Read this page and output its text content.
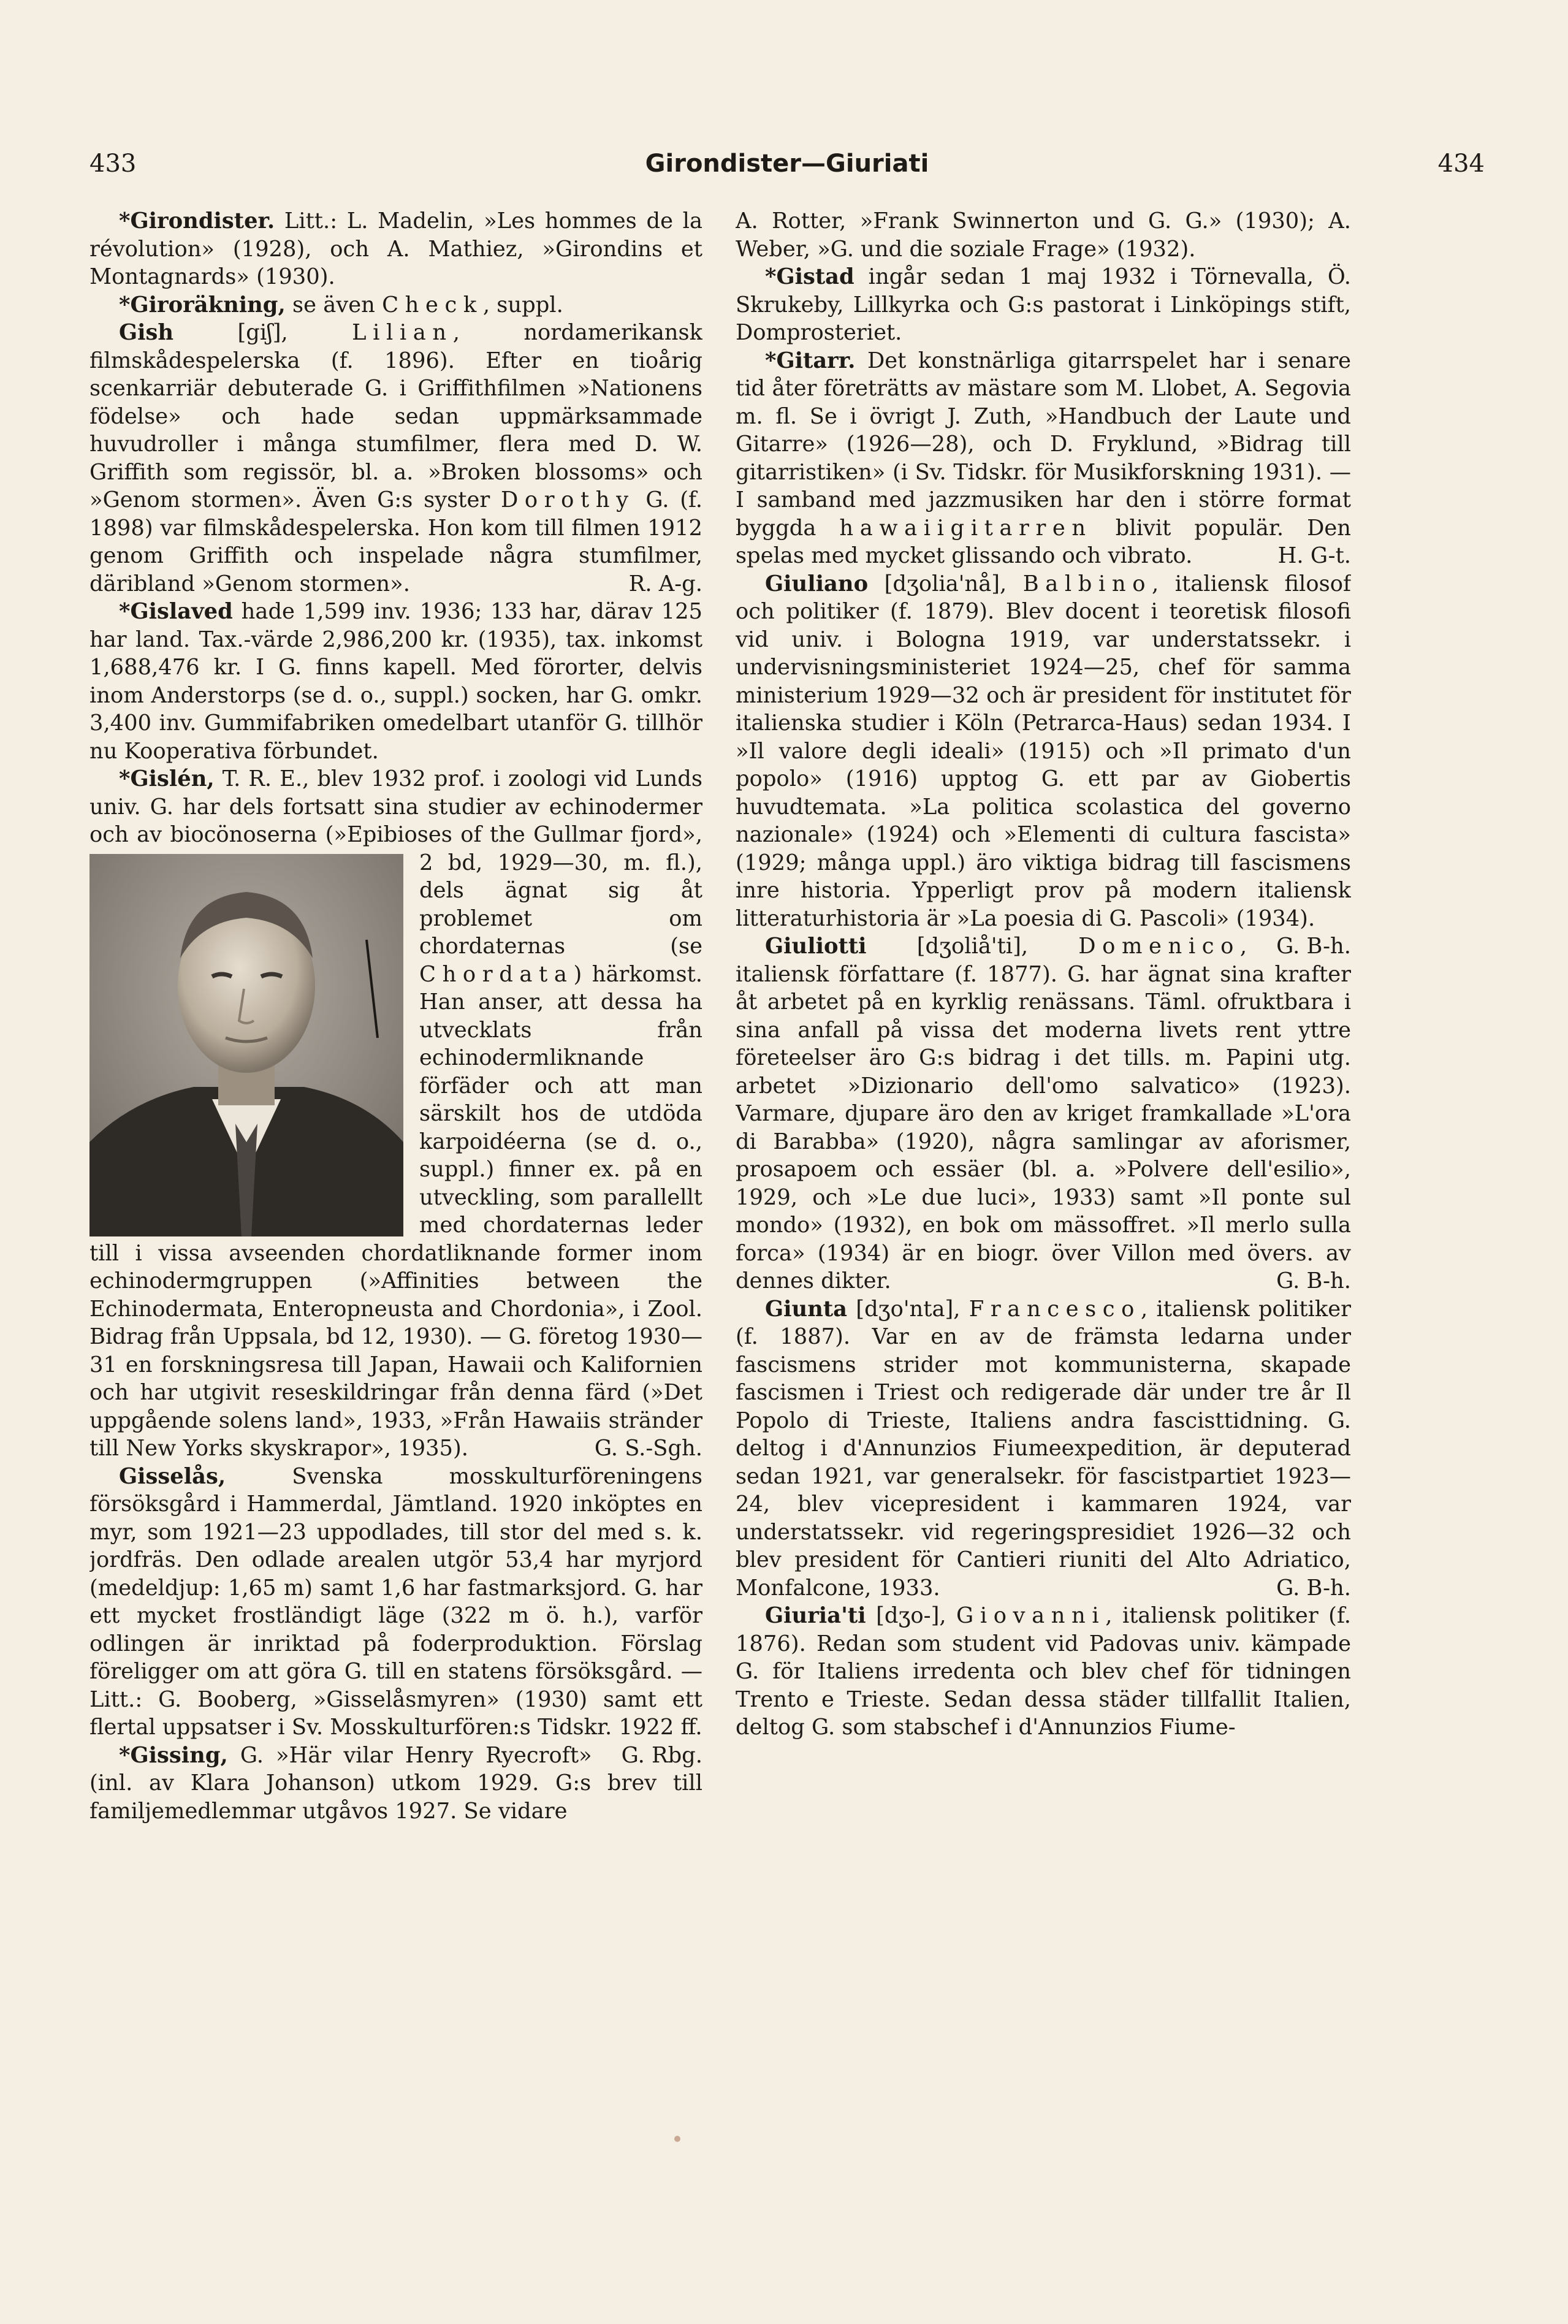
433	Girondister—Giuriati	434

*Girondister. Litt.: L. Madelin, »Les hommes de la révolution» (1928), och A. Mathiez, »Girondins et Montagnards» (1930).

*Giroräkning, se även Check, suppl.

Gish [giʃ], Lilian, nordamerikansk filmskådespelerska (f. 1896). Efter en tioårig scenkarriär debuterade G. i Griffithfilmen »Nationens födelse» och hade sedan uppmärksammade huvudroller i många stumfilmer, flera med D. W. Griffith som regissör, bl. a. »Broken blossoms» och »Genom stormen». Även G:s syster Dorothy G. (f. 1898) var filmskådespelerska. Hon kom till filmen 1912 genom Griffith och inspelade några stumfilmer, däribland »Genom stormen».	R. A-g.

*Gislaved hade 1,599 inv. 1936; 133 har, därav 125 har land. Tax.-värde 2,986,200 kr. (1935), tax. inkomst 1,688,476 kr. I G. finns kapell. Med förorter, delvis inom Anderstorps (se d. o., suppl.) socken, har G. omkr. 3,400 inv. Gummifabriken omedelbart utanför G. tillhör nu Kooperativa förbundet.

*Gislén, T. R. E., blev 1932 prof. i zoologi vid Lunds univ. G. har dels fortsatt sina studier av echinodermer och av biocönoserna (»Epibioses of the Gullmar fjord», 2 bd, 1929
—30, m. fl.), dels ägnat sig åt problemet om chordaternas (se Chordata) härkomst. Han anser, att dessa ha utvecklats från echinodermliknande förfäder och att man särskilt hos de utdöda karpoidéerna (se d. o., suppl.) finner ex. på en utveckling, som parallellt med chordaternas leder till i vissa avseenden chordatliknande former inom echinodermgruppen (»Affinities between the Echinodermata, Enteropneusta and Chordonia», i Zool. Bidrag från Uppsala, bd 12, 1930). — G. företog 1930—31 en forskningsresa till Japan, Hawaii och Kalifornien och har utgivit reseskildringar från denna färd (»Det uppgående solens land», 1933, »Från Hawaiis stränder till New Yorks skyskrapor», 1935).	G. S.-Sgh.

Gisselås, Svenska mosskulturföreningens försöksgård i Hammerdal, Jämtland. 1920 inköptes en myr, som 1921—23 uppodlades, till stor del med s. k. jordfräs. Den odlade arealen utgör 53,4 har myrjord (medeldjup: 1,65 m) samt 1,6 har fastmarksjord. G. har ett mycket frostländigt läge (322 m ö. h.), varför odlingen är inriktad på foderproduktion. Förslag föreligger om att göra G. till en statens försöksgård. — Litt.: G. Booberg, »Gisselåsmyren» (1930) samt ett flertal uppsatser i Sv. Mosskulturfören:s Tidskr. 1922 ff.
G. Rbg.

*Gissing, G. »Här vilar Henry Ryecroft» (inl. av Klara Johanson) utkom 1929. G:s brev till familjemedlemmar utgåvos 1927. Se vidare

A. Rotter, »Frank Swinnerton und G. G.» (1930); A. Weber, »G. und die soziale Frage» (1932).

*Gistad ingår sedan 1 maj 1932 i Törnevalla, Ö. Skrukeby, Lillkyrka och G:s pastorat i Linköpings stift, Domprosteriet.

*Gitarr. Det konstnärliga gitarrspelet har i senare tid åter företrätts av mästare som M. Llobet, A. Segovia m. fl. Se i övrigt J. Zuth, »Handbuch der Laute und Gitarre» (1926—28), och D. Fryklund, »Bidrag till gitarristiken» (i Sv. Tidskr. för Musikforskning 1931). — I samband med jazzmusiken har den i större format byggda hawaiigitarren blivit populär. Den spelas med mycket glissando och vibrato.	H. G-t.

Giuliano [dʒolia'nå], Balbino, italiensk filosof och politiker (f. 1879). Blev docent i teoretisk filosofi vid univ. i Bologna 1919, var understatssekr. i undervisningsministeriet 1924—25, chef för samma ministerium 1929—32 och är president för institutet för italienska studier i Köln (Petrarca-Haus) sedan 1934. I »Il valore degli ideali» (1915) och »Il primato d'un popolo» (1916) upptog G. ett par av Giobertis huvudtemata. »La politica scolastica del governo nazionale» (1924) och »Elementi di cultura fascista» (1929; många uppl.) äro viktiga bidrag till fascismens inre historia. Ypperligt prov på modern italiensk litteraturhistoria är »La poesia di G. Pascoli» (1934).
G. B-h.

Giuliotti [dʒoliå'ti], Domenico, italiensk författare (f. 1877). G. har ägnat sina krafter åt arbetet på en kyrklig renässans. Täml. ofruktbara i sina anfall på vissa det moderna livets rent yttre företeelser äro G:s bidrag i det tills. m. Papini utg. arbetet »Dizionario dell'omo salvatico» (1923). Varmare, djupare äro den av kriget framkallade »L'ora di Barabba» (1920), några samlingar av aforismer, prosapoem och essäer (bl. a. »Polvere dell'esilio», 1929, och »Le due luci», 1933) samt »Il ponte sul mondo» (1932), en bok om mässoffret. »Il merlo sulla forca» (1934) är en biogr. över Villon med övers. av dennes dikter.	G. B-h.

Giunta [dʒo'nta], Francesco, italiensk politiker (f. 1887). Var en av de främsta ledarna under fascismens strider mot kommunisterna, skapade fascismen i Triest och redigerade där under tre år Il Popolo di Trieste, Italiens andra fascisttidning. G. deltog i d'Annunzios Fiumeexpedition, är deputerad sedan 1921, var generalsekr. för fascistpartiet 1923—24, blev vicepresident i kammaren 1924, var understatssekr. vid regeringspresidiet 1926—32 och blev president för Cantieri riuniti del Alto Adriatico, Monfalcone, 1933.	G. B-h.

Giuria'ti [dʒo-], Giovanni, italiensk politiker (f. 1876). Redan som student vid Padovas univ. kämpade G. för Italiens irredenta och blev chef för tidningen Trento e Trieste. Sedan dessa städer tillfallit Italien, deltog G. som stabschef i d'Annunzios Fiume-
